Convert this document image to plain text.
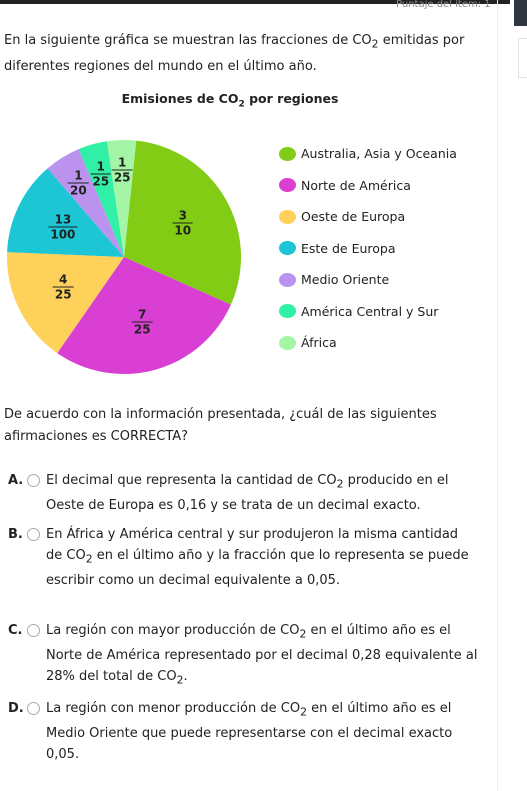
Puntaje del ítem: 1
En la siguiente gráfica se muestran las fracciones de $CO_2$ emitidas por diferentes regiones del mundo en el último año.
Emisiones de $CO_2$ por regiones
$\frac{3}{10}$
$\frac{7}{25}$
$\frac{4}{25}$
$\frac{13}{100}$
$\frac{1}{20} \frac{1}{25} \frac{1}{25}$
Australia, Asia y Oceania
Norte de América
Oeste de Europa
Este de Europa
Medio Oriente
América Central y Sur
África
De acuerdo con la información presentada, ¿cuál de las siguientes afirmaciones es CORRECTA?
A. El decimal que representa la cantidad de $CO_2$ producido en el Oeste de Europa es 0,16 y se trata de un decimal exacto.
B. En África y América central y sur produjeron la misma cantidad de $CO_2$ en el último año y la fracción que lo representa se puede escribir como un decimal equivalente a 0,05.
C. La región con mayor producción de $CO_2$ en el último año es el Norte de América representado por el decimal 0,28 equivalente al 28% del total de $CO_2$.
D. La región con menor producción de $CO_2$ en el último año es el Medio Oriente que puede representarse con el decimal exacto 0,05.
